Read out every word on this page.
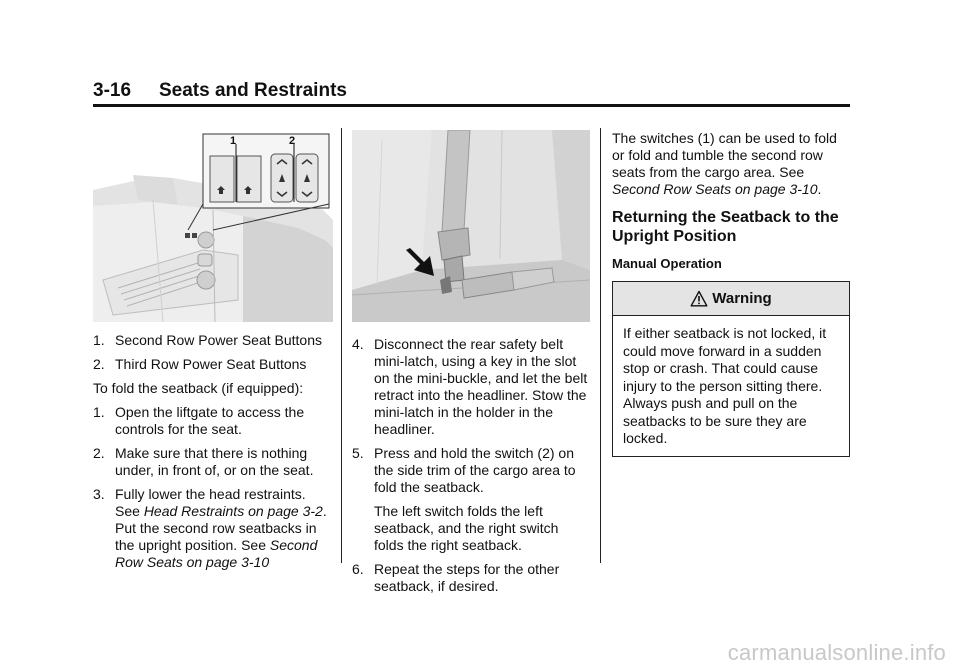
3-16 Seats and Restraints
1	2
1. Second Row Power Seat Buttons
2. Third Row Power Seat Buttons
To fold the seatback (if equipped):
1. Open the liftgate to access the controls for the seat.
2. Make sure that there is nothing under, in front of, or on the seat.
3. Fully lower the head restraints. See Head Restraints on page 3-2. Put the second row seatbacks in the upright position. See Second Row Seats on page 3-10
4. Disconnect the rear safety belt mini-latch, using a key in the slot on the mini-buckle, and let the belt retract into the headliner. Stow the mini-latch in the holder in the headliner.
5. Press and hold the switch (2) on the side trim of the cargo area to fold the seatback.
The left switch folds the left seatback, and the right switch folds the right seatback.
6. Repeat the steps for the other seatback, if desired.
The switches (1) can be used to fold or fold and tumble the second row seats from the cargo area. See Second Row Seats on page 3-10.
Returning the Seatback to the Upright Position
Manual Operation
Warning
If either seatback is not locked, it could move forward in a sudden stop or crash. That could cause injury to the person sitting there. Always push and pull on the seatbacks to be sure they are locked.
carmanualsonline.info
